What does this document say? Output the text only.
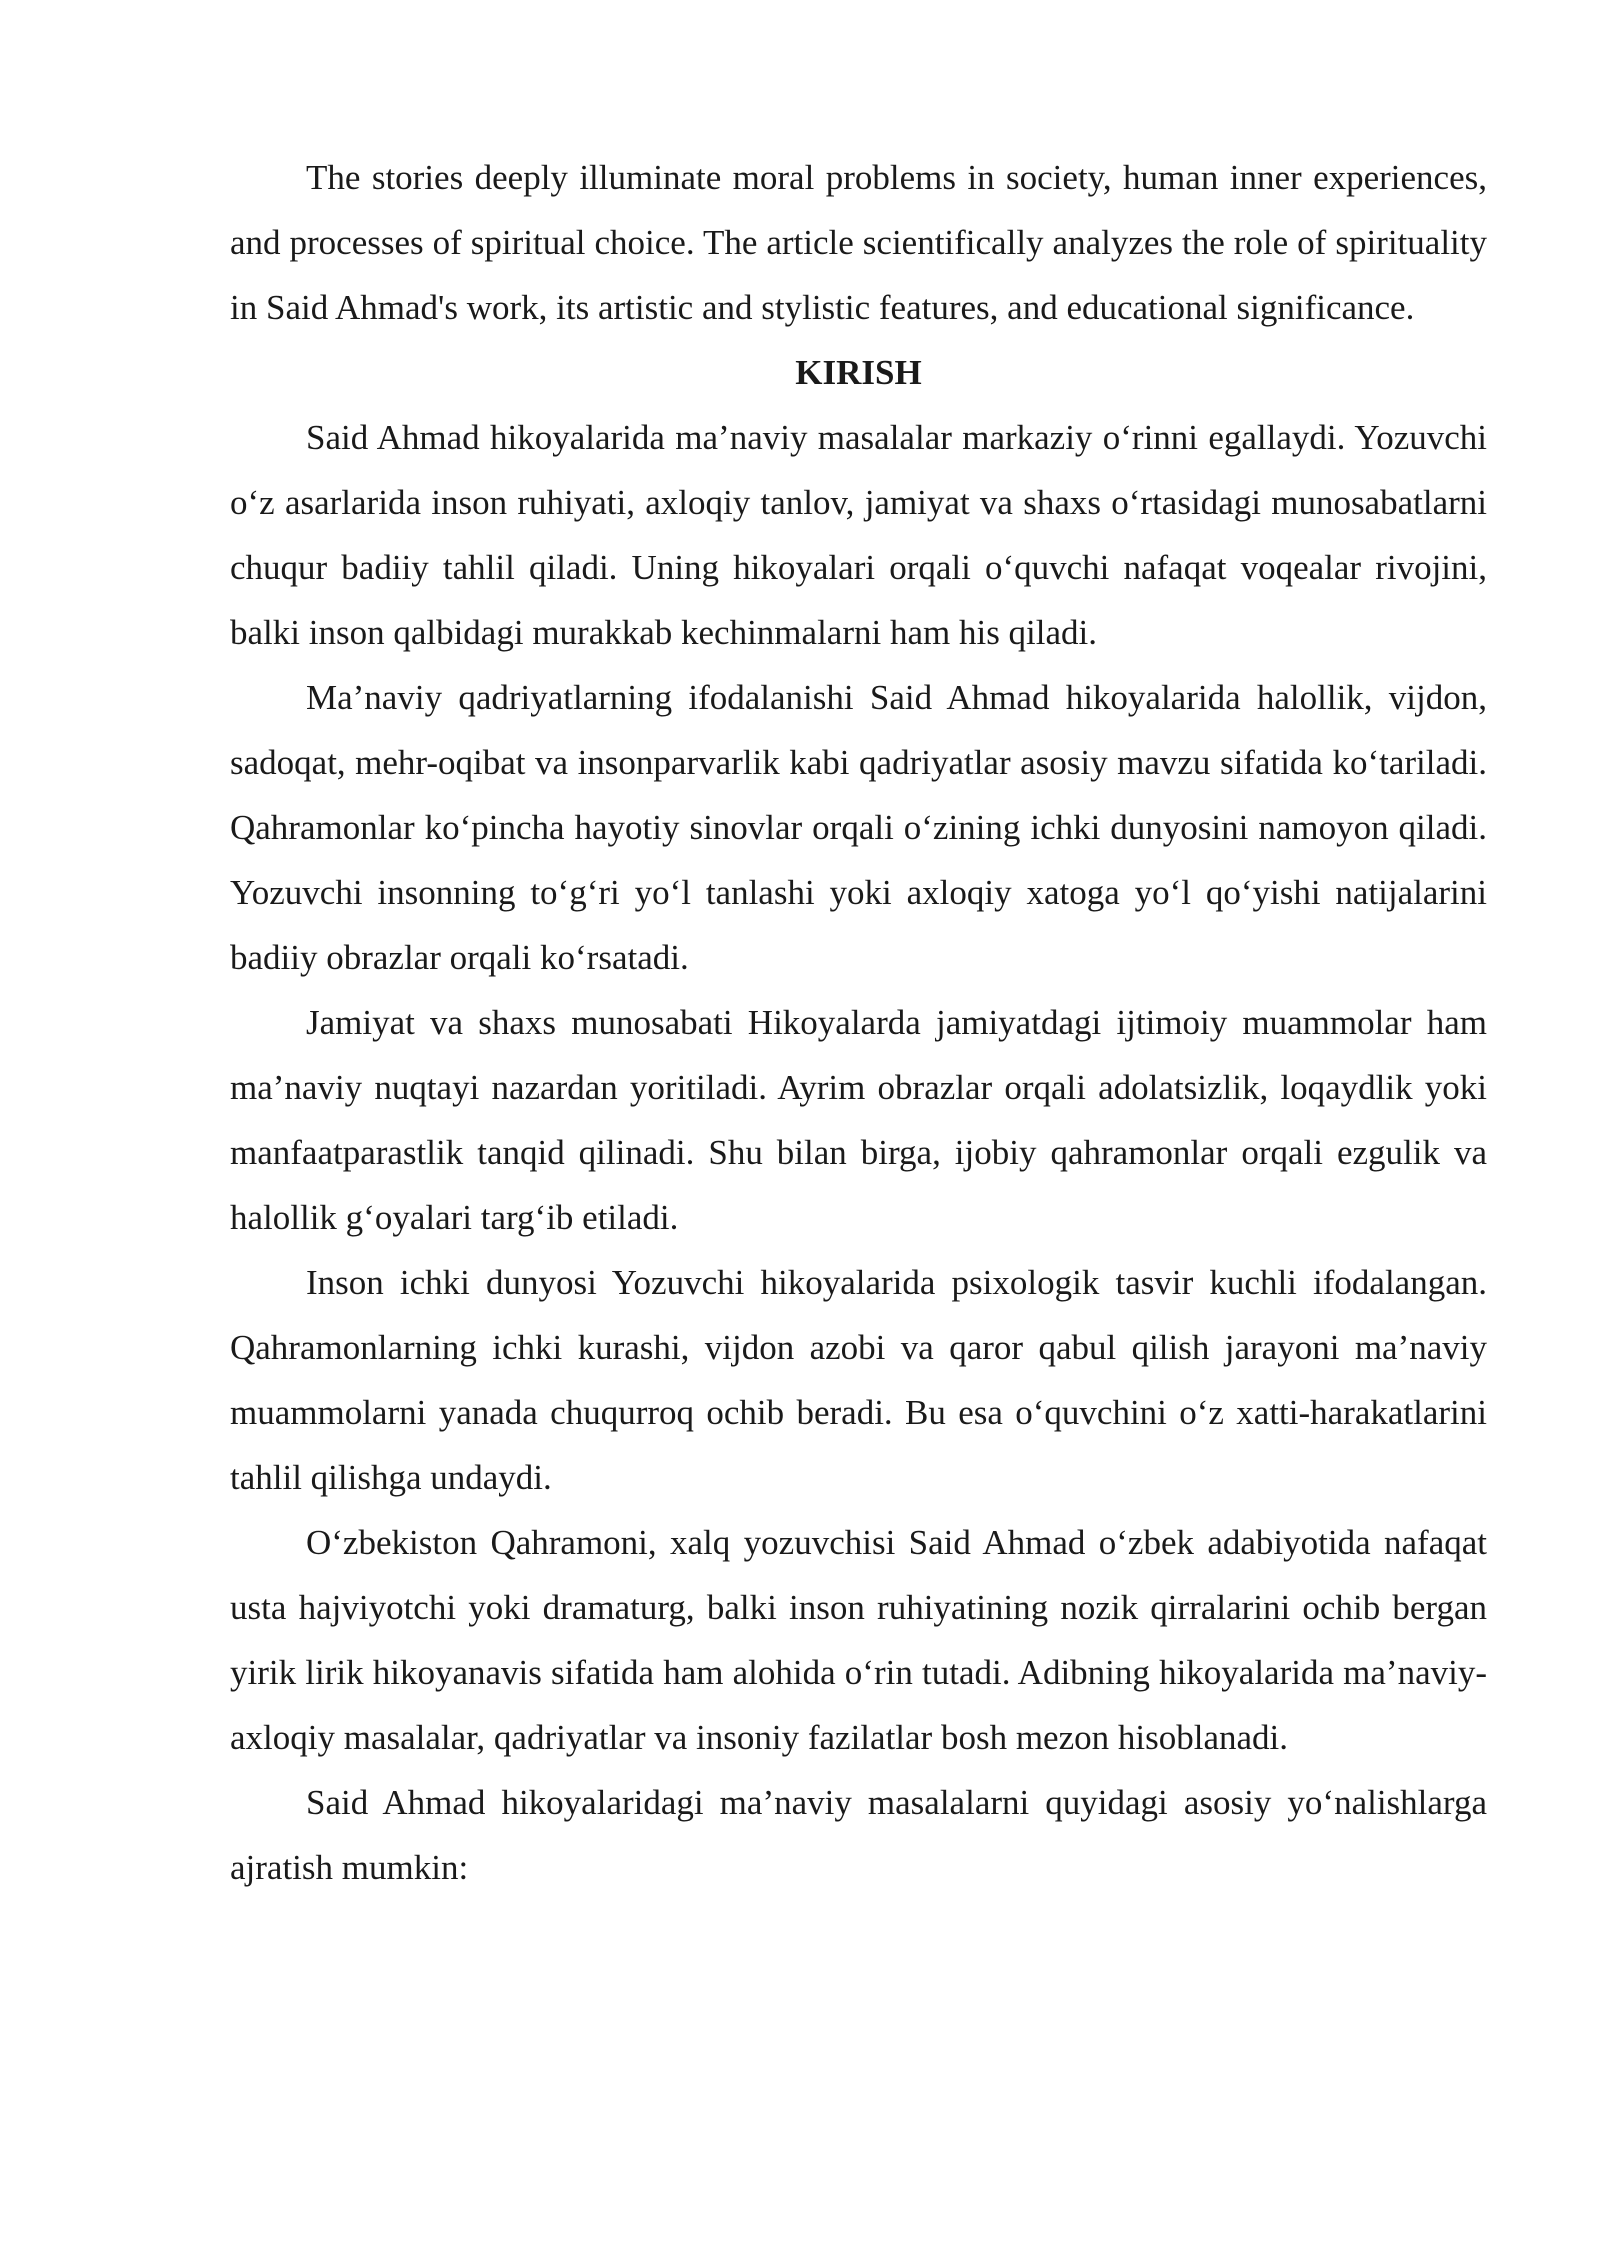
The stories deeply illuminate moral problems in society, human inner experiences, and processes of spiritual choice. The article scientifically analyzes the role of spirituality in Said Ahmad's work, its artistic and stylistic features, and educational significance.

KIRISH

Said Ahmad hikoyalarida ma’naviy masalalar markaziy o‘rinni egallaydi. Yozuvchi o‘z asarlarida inson ruhiyati, axloqiy tanlov, jamiyat va shaxs o‘rtasidagi munosabatlarni chuqur badiiy tahlil qiladi. Uning hikoyalari orqali o‘quvchi nafaqat voqealar rivojini, balki inson qalbidagi murakkab kechinmalarni ham his qiladi.

Ma’naviy qadriyatlarning ifodalanishi Said Ahmad hikoyalarida halollik, vijdon, sadoqat, mehr-oqibat va insonparvarlik kabi qadriyatlar asosiy mavzu sifatida ko‘tariladi. Qahramonlar ko‘pincha hayotiy sinovlar orqali o‘zining ichki dunyosini namoyon qiladi. Yozuvchi insonning to‘g‘ri yo‘l tanlashi yoki axloqiy xatoga yo‘l qo‘yishi natijalarini badiiy obrazlar orqali ko‘rsatadi.

Jamiyat va shaxs munosabati Hikoyalarda jamiyatdagi ijtimoiy muammolar ham ma’naviy nuqtayi nazardan yoritiladi. Ayrim obrazlar orqali adolatsizlik, loqaydlik yoki manfaatparastlik tanqid qilinadi. Shu bilan birga, ijobiy qahramonlar orqali ezgulik va halollik g‘oyalari targ‘ib etiladi.

Inson ichki dunyosi Yozuvchi hikoyalarida psixologik tasvir kuchli ifodalangan. Qahramonlarning ichki kurashi, vijdon azobi va qaror qabul qilish jarayoni ma’naviy muammolarni yanada chuqurroq ochib beradi. Bu esa o‘quvchini o‘z xatti-harakatlarini tahlil qilishga undaydi.

O‘zbekiston Qahramoni, xalq yozuvchisi Said Ahmad o‘zbek adabiyotida nafaqat usta hajviyotchi yoki dramaturg, balki inson ruhiyatining nozik qirralarini ochib bergan yirik lirik hikoyanavis sifatida ham alohida o‘rin tutadi. Adibning hikoyalarida ma’naviy-axloqiy masalalar, qadriyatlar va insoniy fazilatlar bosh mezon hisoblanadi.

Said Ahmad hikoyalaridagi ma’naviy masalalarni quyidagi asosiy yo‘nalishlarga ajratish mumkin:
